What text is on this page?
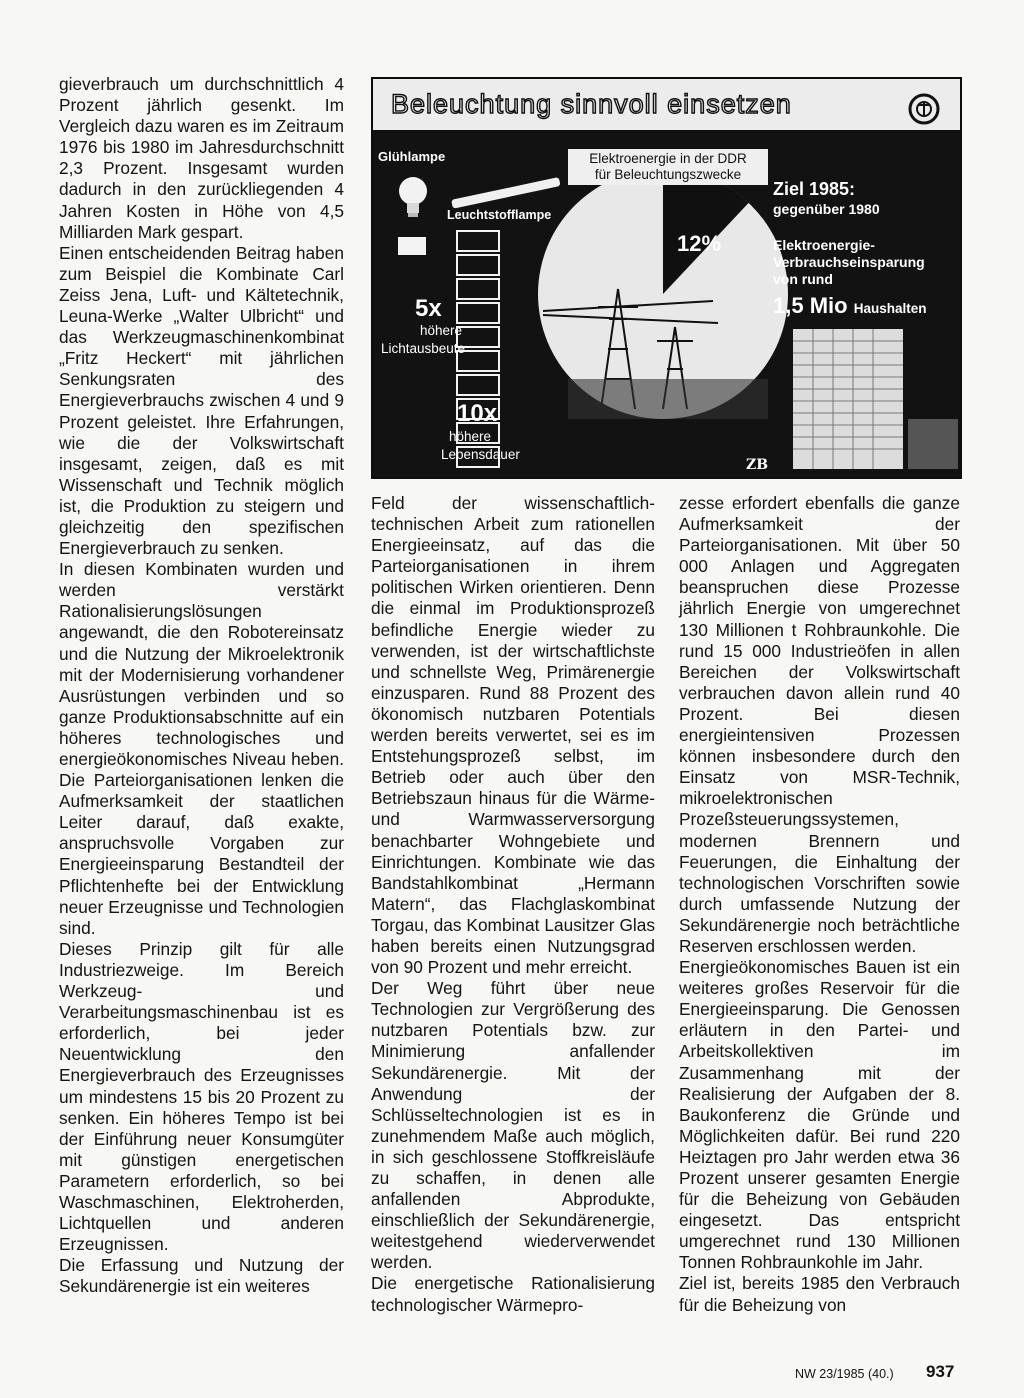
gieverbrauch um durchschnittlich 4 Prozent jährlich gesenkt. Im Vergleich dazu waren es im Zeitraum 1976 bis 1980 im Jahresdurchschnitt 2,3 Prozent. Insgesamt wurden dadurch in den zurückliegenden 4 Jahren Kosten in Höhe von 4,5 Milliarden Mark gespart.

Einen entscheidenden Beitrag haben zum Beispiel die Kombinate Carl Zeiss Jena, Luft- und Kältetechnik, Leuna-Werke „Walter Ulbricht“ und das Werkzeugmaschinenkombinat „Fritz Heckert“ mit jährlichen Senkungsraten des Energieverbrauchs zwischen 4 und 9 Prozent geleistet. Ihre Erfahrungen, wie die der Volkswirtschaft insgesamt, zeigen, daß es mit Wissenschaft und Technik möglich ist, die Produktion zu steigern und gleichzeitig den spezifischen Energieverbrauch zu senken.

In diesen Kombinaten wurden und werden verstärkt Rationalisierungslösungen angewandt, die den Robotereinsatz und die Nutzung der Mikroelektronik mit der Modernisierung vorhandener Ausrüstungen verbinden und so ganze Produktionsabschnitte auf ein höheres technologisches und energieökonomisches Niveau heben. Die Parteiorganisationen lenken die Aufmerksamkeit der staatlichen Leiter darauf, daß exakte, anspruchsvolle Vorgaben zur Energieeinsparung Bestandteil der Pflichtenhefte bei der Entwicklung neuer Erzeugnisse und Technologien sind.

Dieses Prinzip gilt für alle Industriezweige. Im Bereich Werkzeug- und Verarbeitungsmaschinenbau ist es erforderlich, bei jeder Neuentwicklung den Energieverbrauch des Erzeugnisses um mindestens 15 bis 20 Prozent zu senken. Ein höheres Tempo ist bei der Einführung neuer Konsumgüter mit günstigen energetischen Parametern erforderlich, so bei Waschmaschinen, Elektroherden, Lichtquellen und anderen Erzeugnissen.

Die Erfassung und Nutzung der Sekundärenergie ist ein weiteres

Beleuchtung sinnvoll einsetzen
Glühlampe
Leuchtstofflampe
5x
höhere
Lichtausbeute
10x
höhere
Lebensdauer
Elektroenergie in der DDR
für Beleuchtungszwecke
12%
Ziel 1985:
gegenüber 1980
Elektroenergie-
Verbrauchseinsparung
von rund
1,5 Mio Haushalten
ZB

Feld der wissenschaftlich-technischen Arbeit zum rationellen Energieeinsatz, auf das die Parteiorganisationen in ihrem politischen Wirken orientieren. Denn die einmal im Produktionsprozeß befindliche Energie wieder zu verwenden, ist der wirtschaftlichste und schnellste Weg, Primärenergie einzusparen. Rund 88 Prozent des ökonomisch nutzbaren Potentials werden bereits verwertet, sei es im Entstehungsprozeß selbst, im Betrieb oder auch über den Betriebszaun hinaus für die Wärme- und Warmwasserversorgung benachbarter Wohngebiete und Einrichtungen. Kombinate wie das Bandstahlkombinat „Hermann Matern“, das Flachglaskombinat Torgau, das Kombinat Lausitzer Glas haben bereits einen Nutzungsgrad von 90 Prozent und mehr erreicht.

Der Weg führt über neue Technologien zur Vergrößerung des nutzbaren Potentials bzw. zur Minimierung anfallender Sekundärenergie. Mit der Anwendung der Schlüsseltechnologien ist es in zunehmendem Maße auch möglich, in sich geschlossene Stoffkreisläufe zu schaffen, in denen alle anfallenden Abprodukte, einschließlich der Sekundärenergie, weitestgehend wiederverwendet werden.

Die energetische Rationalisierung technologischer Wärmepro-

zesse erfordert ebenfalls die ganze Aufmerksamkeit der Parteiorganisationen. Mit über 50 000 Anlagen und Aggregaten beanspruchen diese Prozesse jährlich Energie von umgerechnet 130 Millionen t Rohbraunkohle. Die rund 15 000 Industrieöfen in allen Bereichen der Volkswirtschaft verbrauchen davon allein rund 40 Prozent. Bei diesen energieintensiven Prozessen können insbesondere durch den Einsatz von MSR-Technik, mikroelektronischen Prozeßsteuerungssystemen, modernen Brennern und Feuerungen, die Einhaltung der technologischen Vorschriften sowie durch umfassende Nutzung der Sekundärenergie noch beträchtliche Reserven erschlossen werden.

Energieökonomisches Bauen ist ein weiteres großes Reservoir für die Energieeinsparung. Die Genossen erläutern in den Partei- und Arbeitskollektiven im Zusammenhang mit der Realisierung der Aufgaben der 8. Baukonferenz die Gründe und Möglichkeiten dafür. Bei rund 220 Heiztagen pro Jahr werden etwa 36 Prozent unserer gesamten Energie für die Beheizung von Gebäuden eingesetzt. Das entspricht umgerechnet rund 130 Millionen Tonnen Rohbraunkohle im Jahr.

Ziel ist, bereits 1985 den Verbrauch für die Beheizung von

NW 23/1985 (40.) 937
